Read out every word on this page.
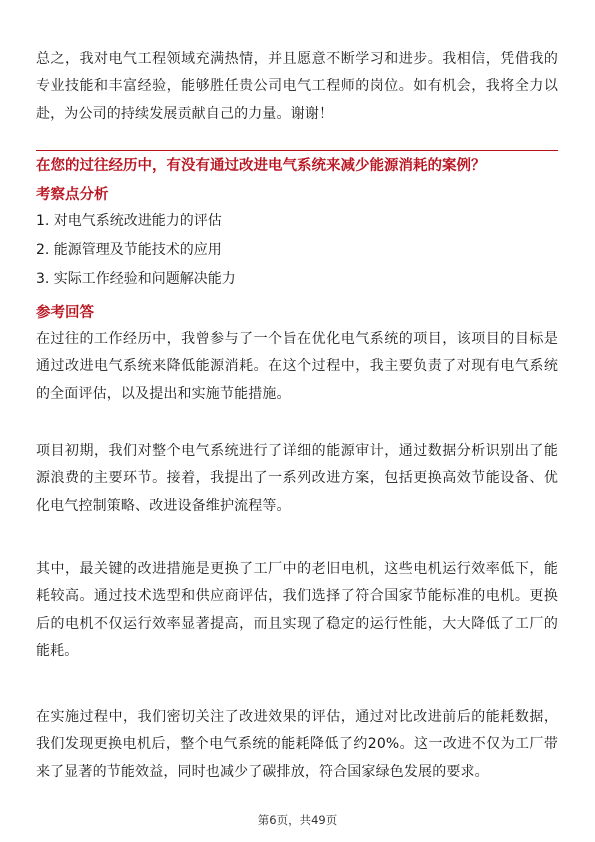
总之，我对电气工程领域充满热情，并且愿意不断学习和进步。我相信，凭借我的专业技能和丰富经验，能够胜任贵公司电气工程师的岗位。如有机会，我将全力以赴，为公司的持续发展贡献自己的力量。谢谢！

在您的过往经历中，有没有通过改进电气系统来减少能源消耗的案例？

考察点分析

1. 对电气系统改进能力的评估

2. 能源管理及节能技术的应用

3. 实际工作经验和问题解决能力

参考回答

在过往的工作经历中，我曾参与了一个旨在优化电气系统的项目，该项目的目标是通过改进电气系统来降低能源消耗。在这个过程中，我主要负责了对现有电气系统的全面评估，以及提出和实施节能措施。

项目初期，我们对整个电气系统进行了详细的能源审计，通过数据分析识别出了能源浪费的主要环节。接着，我提出了一系列改进方案，包括更换高效节能设备、优化电气控制策略、改进设备维护流程等。

其中，最关键的改进措施是更换了工厂中的老旧电机，这些电机运行效率低下，能耗较高。通过技术选型和供应商评估，我们选择了符合国家节能标准的电机。更换后的电机不仅运行效率显著提高，而且实现了稳定的运行性能，大大降低了工厂的能耗。

在实施过程中，我们密切关注了改进效果的评估，通过对比改进前后的能耗数据，我们发现更换电机后，整个电气系统的能耗降低了约20%。这一改进不仅为工厂带来了显著的节能效益，同时也减少了碳排放，符合国家绿色发展的要求。

第6页，共49页
